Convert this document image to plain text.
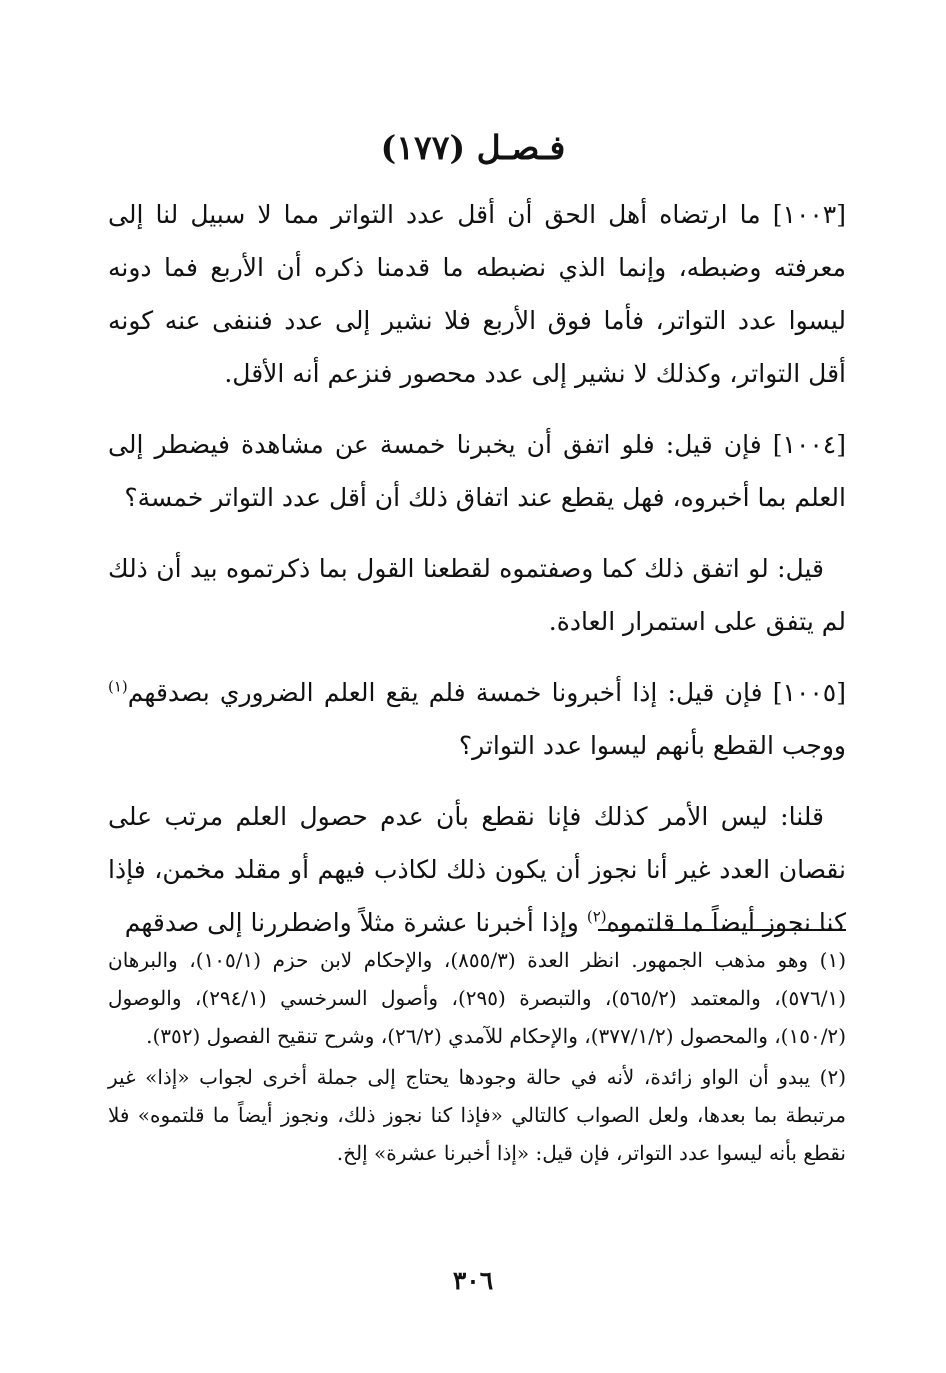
(١٧٧) فـصـل

[١٠٠٣] ما ارتضاه أهل الحق أن أقل عدد التواتر مما لا سبيل لنا إلى معرفته وضبطه، وإنما الذي نضبطه ما قدمنا ذكره أن الأربع فما دونه ليسوا عدد التواتر، فأما فوق الأربع فلا نشير إلى عدد فننفى عنه كونه أقل التواتر، وكذلك لا نشير إلى عدد محصور فنزعم أنه الأقل.

[١٠٠٤] فإن قيل: فلو اتفق أن يخبرنا خمسة عن مشاهدة فيضطر إلى العلم بما أخبروه، فهل يقطع عند اتفاق ذلك أن أقل عدد التواتر خمسة؟

قيل: لو اتفق ذلك كما وصفتموه لقطعنا القول بما ذكرتموه بيد أن ذلك لم يتفق على استمرار العادة.

[١٠٠٥] فإن قيل: إذا أخبرونا خمسة فلم يقع العلم الضروري بصدقهم$^{(١)}$ ووجب القطع بأنهم ليسوا عدد التواتر؟

قلنا: ليس الأمر كذلك فإنا نقطع بأن عدم حصول العلم مرتب على نقصان العدد غير أنا نجوز أن يكون ذلك لكاذب فيهم أو مقلد مخمن، فإذا كنا نجوز أيضاً ما قلتموه$^{(٢)}$ وإذا أخبرنا عشرة مثلاً واضطررنا إلى صدقهم

(١) وهو مذهب الجمهور. انظر العدة (٨٥٥/٣)، والإحكام لابن حزم (١٠٥/١)، والبرهان (٥٧٦/١)، والمعتمد (٥٦٥/٢)، والتبصرة (٢٩٥)، وأصول السرخسي (٢٩٤/١)، والوصول (١٥٠/٢)، والمحصول (٣٧٧/١/٢)، والإحكام للآمدي (٢٦/٢)، وشرح تنقيح الفصول (٣٥٢).
(٢) يبدو أن الواو زائدة، لأنه في حالة وجودها يحتاج إلى جملة أخرى لجواب «إذا» غير مرتبطة بما بعدها، ولعل الصواب كالتالي «فإذا كنا نجوز ذلك، ونجوز أيضاً ما قلتموه» فلا نقطع بأنه ليسوا عدد التواتر، فإن قيل: «إذا أخبرنا عشرة» إلخ.
٣٠٦
